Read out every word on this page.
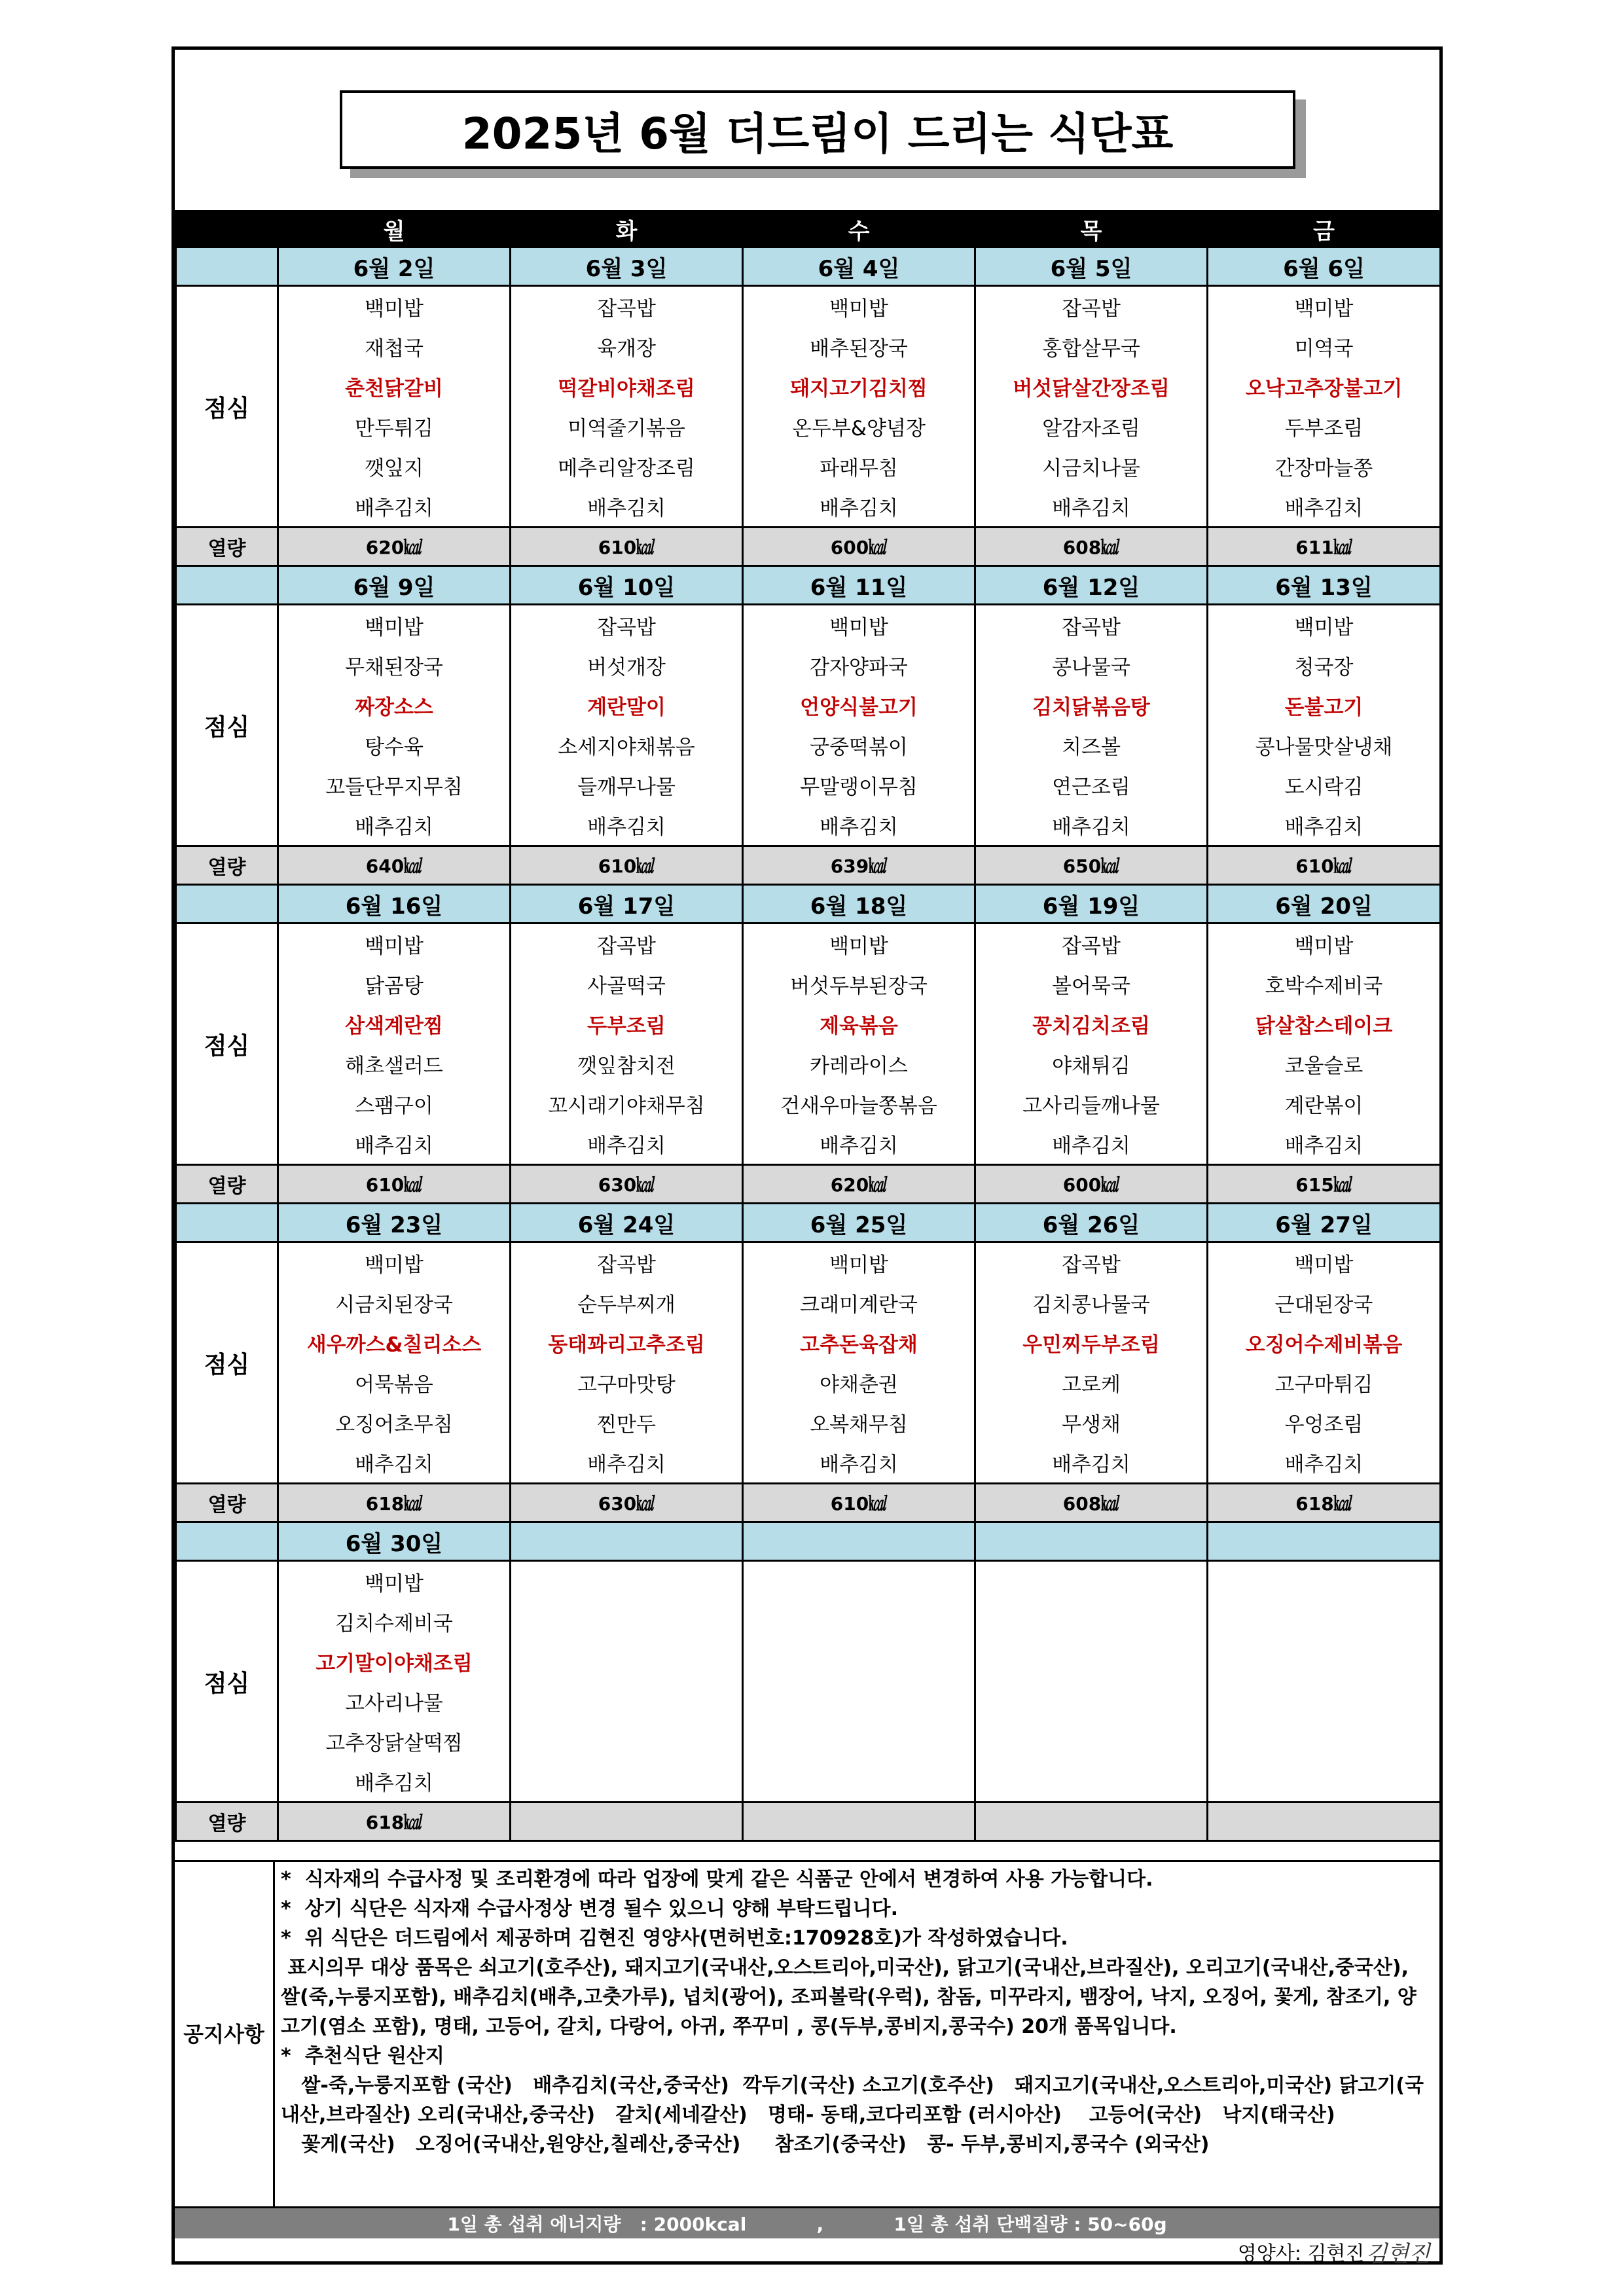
2025년 6월 더드림이 드리는 식단표
	월	화	수	목	금
	6월 2일	6월 3일	6월 4일	6월 5일	6월 6일
점심	백미밥	잡곡밥	백미밥	잡곡밥	백미밥
	재첩국	육개장	배추된장국	홍합살무국	미역국
	춘천닭갈비	떡갈비야채조림	돼지고기김치찜	버섯닭살간장조림	오낙고추장불고기
	만두튀김	미역줄기볶음	온두부&양념장	알감자조림	두부조림
	깻잎지	메추리알장조림	파래무침	시금치나물	간장마늘쫑
	배추김치	배추김치	배추김치	배추김치	배추김치
열량	620㎉	610㎉	600㎉	608㎉	611㎉
	6월 9일	6월 10일	6월 11일	6월 12일	6월 13일
점심	백미밥	잡곡밥	백미밥	잡곡밥	백미밥
	무채된장국	버섯개장	감자양파국	콩나물국	청국장
	짜장소스	계란말이	언양식불고기	김치닭볶음탕	돈불고기
	탕수육	소세지야채볶음	궁중떡볶이	치즈볼	콩나물맛살냉채
	꼬들단무지무침	들깨무나물	무말랭이무침	연근조림	도시락김
	배추김치	배추김치	배추김치	배추김치	배추김치
열량	640㎉	610㎉	639㎉	650㎉	610㎉
	6월 16일	6월 17일	6월 18일	6월 19일	6월 20일
점심	백미밥	잡곡밥	백미밥	잡곡밥	백미밥
	닭곰탕	사골떡국	버섯두부된장국	볼어묵국	호박수제비국
	삼색계란찜	두부조림	제육볶음	꽁치김치조림	닭살찹스테이크
	해초샐러드	깻잎참치전	카레라이스	야채튀김	코울슬로
	스팸구이	꼬시래기야채무침	건새우마늘쫑볶음	고사리들깨나물	계란볶이
	배추김치	배추김치	배추김치	배추김치	배추김치
열량	610㎉	630㎉	620㎉	600㎉	615㎉
	6월 23일	6월 24일	6월 25일	6월 26일	6월 27일
점심	백미밥	잡곡밥	백미밥	잡곡밥	백미밥
	시금치된장국	순두부찌개	크래미계란국	김치콩나물국	근대된장국
	새우까스&칠리소스	동태꽈리고추조림	고추돈육잡채	우민찌두부조림	오징어수제비볶음
	어묵볶음	고구마맛탕	야채춘권	고로케	고구마튀김
	오징어초무침	찐만두	오복채무침	무생채	우엉조림
	배추김치	배추김치	배추김치	배추김치	배추김치
열량	618㎉	630㎉	610㎉	608㎉	618㎉
	6월 30일				
점심	백미밥				
	김치수제비국				
	고기말이야채조림				
	고사리나물				
	고추장닭살떡찜				
	배추김치				
열량	618㎉				
공지 사항

*  식자재의 수급사정 및 조리환경에 따라 업장에 맞게 같은 식품군 안에서 변경하여 사용 가능합니다.

*  상기 식단은 식자재 수급사정상 변경 될수 있으니 양해 부탁드립니다.

*  위 식단은 더드림에서 제공하며 김현진 영양사(면허번호:170928호)가 작성하였습니다.

표시의무 대상 품목은 쇠고기(호주산), 돼지고기(국내산,오스트리아,미국산), 닭고기(국내산,브라질산), 오리고기(국내산,중국산), 쌀(죽,누룽지포함), 배추김치(배추,고춧가루), 넙치(광어), 조피볼락(우럭), 참돔, 미꾸라지, 뱀장어, 낙지, 오징어, 꽃게, 참조기, 양고기(염소 포함), 명태, 고등어, 갈치, 다랑어, 아귀, 쭈꾸미 , 콩(두부,콩비지,콩국수) 20개 품목입니다.

*  추천식단 원산지

쌀-죽,누룽지포함 (국산)   배추김치(국산,중국산)  깍두기(국산) 소고기(호주산)   돼지고기(국내산,오스트리아,미국산) 닭고기(국내산,브라질산) 오리(국내산,중국산)   갈치(세네갈산)   명태- 동태,코다리포함 (러시아산)    고등어(국산)   낙지(태국산)

꽃게(국산)   오징어(국내산,원양산,칠레산,중국산)     참조기(중국산)   콩- 두부,콩비지,콩국수 (외국산)

1일 총 섭취 에너지량   : 2000kcal           ,           1일 총 섭취 단백질량 : 50~60g
영양사: 김현진 김현진
